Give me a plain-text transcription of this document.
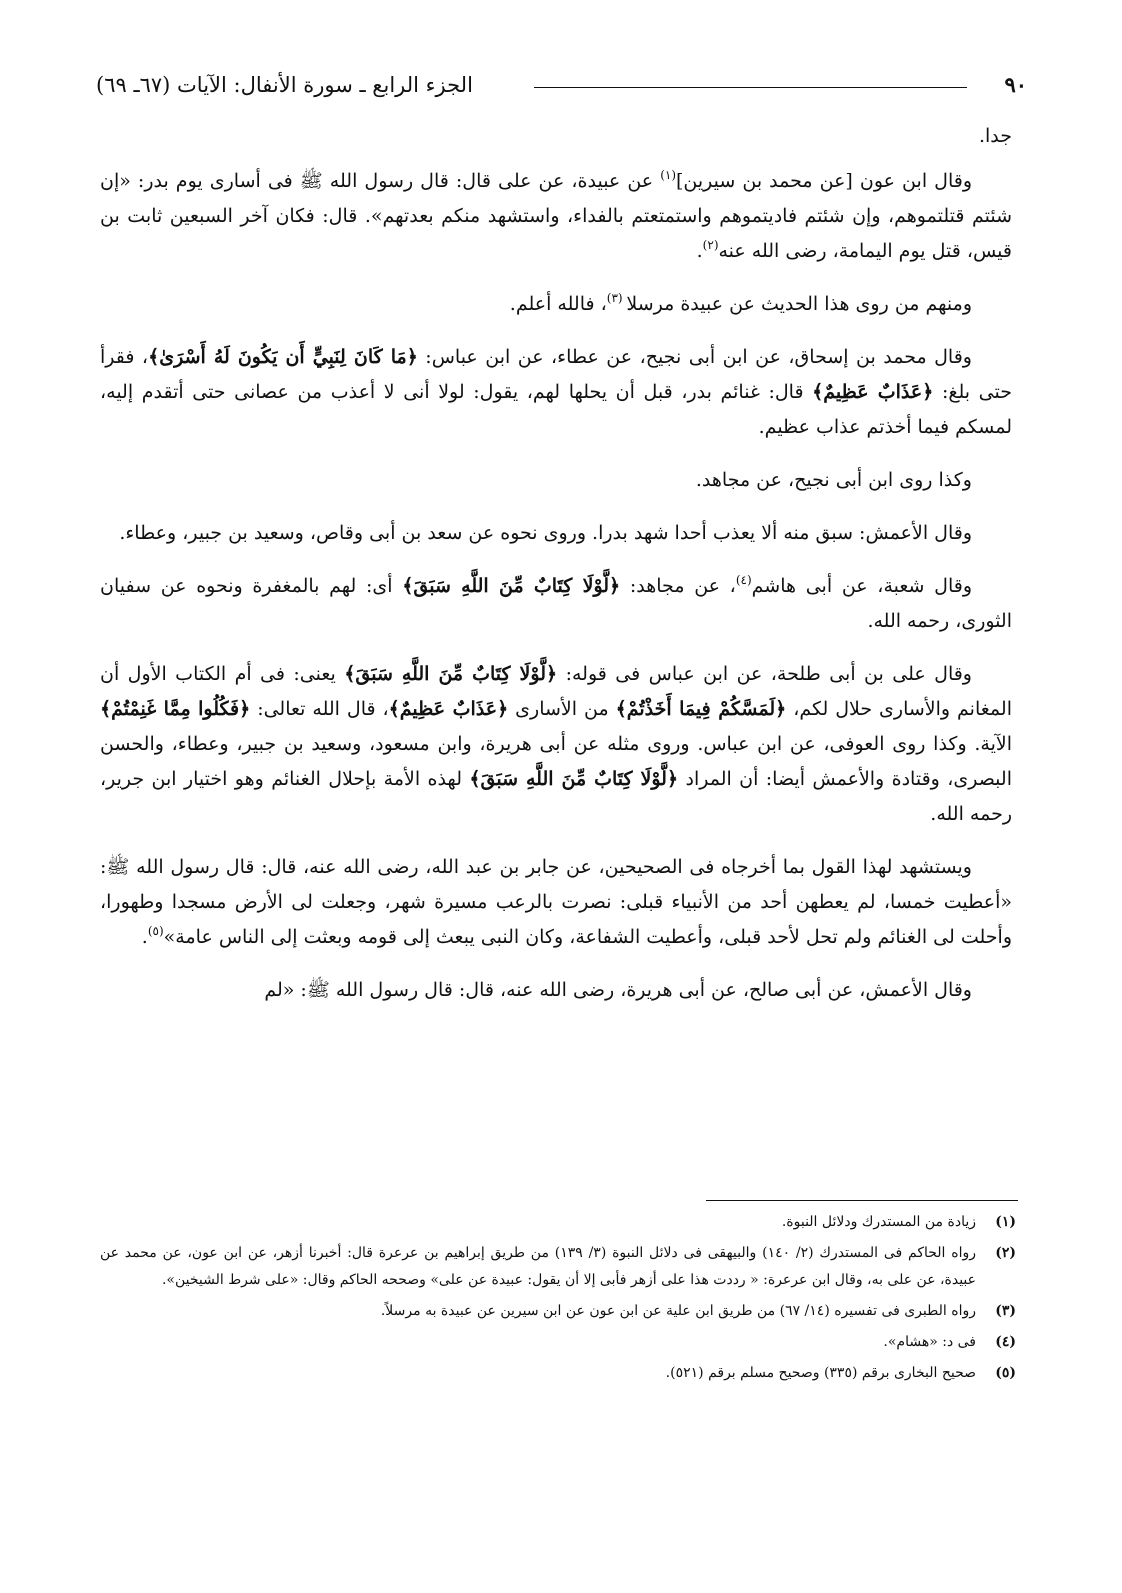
الجزء الرابع ـ سورة الأنفال: الآيات (٦٧ـ ٦٩)	٩٠

جدا.

وقال ابن عون [عن محمد بن سيرين]$^{(١)}$ عن عبيدة، عن على قال: قال رسول الله ﷺ فى أسارى يوم بدر: «إن شئتم قتلتموهم، وإن شئتم فاديتموهم واستمتعتم بالفداء، واستشهد منكم بعدتهم». قال: فكان آخر السبعين ثابت بن قيس، قتل يوم اليمامة، رضى الله عنه$^{(٢)}$.

ومنهم من روى هذا الحديث عن عبيدة مرسلا $^{(٣)}$، فالله أعلم.

وقال محمد بن إسحاق، عن ابن أبى نجيح، عن عطاء، عن ابن عباس: ﴿مَا كَانَ لِنَبِيٍّ أَن يَكُونَ لَهُ أَسْرَىٰ﴾، فقرأ حتى بلغ: ﴿عَذَابٌ عَظِيمٌ﴾ قال: غنائم بدر، قبل أن يحلها لهم، يقول: لولا أنى لا أعذب من عصانى حتى أتقدم إليه، لمسكم فيما أخذتم عذاب عظيم.

وكذا روى ابن أبى نجيح، عن مجاهد.

وقال الأعمش: سبق منه ألا يعذب أحدا شهد بدرا. وروى نحوه عن سعد بن أبى وقاص، وسعيد بن جبير، وعطاء.

وقال شعبة، عن أبى هاشم$^{(٤)}$، عن مجاهد: ﴿لَّوْلَا كِتَابٌ مِّنَ اللَّهِ سَبَقَ﴾ أى: لهم بالمغفرة ونحوه عن سفيان الثورى، رحمه الله.

وقال على بن أبى طلحة، عن ابن عباس فى قوله: ﴿لَّوْلَا كِتَابٌ مِّنَ اللَّهِ سَبَقَ﴾ يعنى: فى أم الكتاب الأول أن المغانم والأسارى حلال لكم، ﴿لَمَسَّكُمْ فِيمَا أَخَذْتُمْ﴾ من الأسارى ﴿عَذَابٌ عَظِيمٌ﴾، قال الله تعالى: ﴿فَكُلُوا مِمَّا غَنِمْتُمْ﴾ الآية. وكذا روى العوفى، عن ابن عباس. وروى مثله عن أبى هريرة، وابن مسعود، وسعيد بن جبير، وعطاء، والحسن البصرى، وقتادة والأعمش أيضا: أن المراد ﴿لَّوْلَا كِتَابٌ مِّنَ اللَّهِ سَبَقَ﴾ لهذه الأمة بإحلال الغنائم وهو اختيار ابن جرير، رحمه الله.

ويستشهد لهذا القول بما أخرجاه فى الصحيحين، عن جابر بن عبد الله، رضى الله عنه، قال: قال رسول الله ﷺ: «أعطيت خمسا، لم يعطهن أحد من الأنبياء قبلى: نصرت بالرعب مسيرة شهر، وجعلت لى الأرض مسجدا وطهورا، وأحلت لى الغنائم ولم تحل لأحد قبلى، وأعطيت الشفاعة، وكان النبى يبعث إلى قومه وبعثت إلى الناس عامة»$^{(٥)}$.

وقال الأعمش، عن أبى صالح، عن أبى هريرة، رضى الله عنه، قال: قال رسول الله ﷺ: «لم

(١)زيادة من المستدرك ودلائل النبوة.

(٢)رواه الحاكم فى المستدرك (٢/ ١٤٠) والبيهقى فى دلائل النبوة (٣/ ١٣٩) من طريق إبراهيم بن عرعرة قال: أخبرنا أزهر، عن ابن عون، عن محمد عن عبيدة، عن على به، وقال ابن عرعرة: « رددت هذا على أزهر فأبى إلا أن يقول: عبيدة عن على» وصححه الحاكم وقال: «على شرط الشيخين».

(٣)رواه الطبرى فى تفسيره (١٤/ ٦٧) من طريق ابن علية عن ابن عون عن ابن سيرين عن عبيدة به مرسلاً.

(٤)فى د: «هشام».

(٥)صحيح البخارى برقم (٣٣٥) وصحيح مسلم برقم (٥٢١).
